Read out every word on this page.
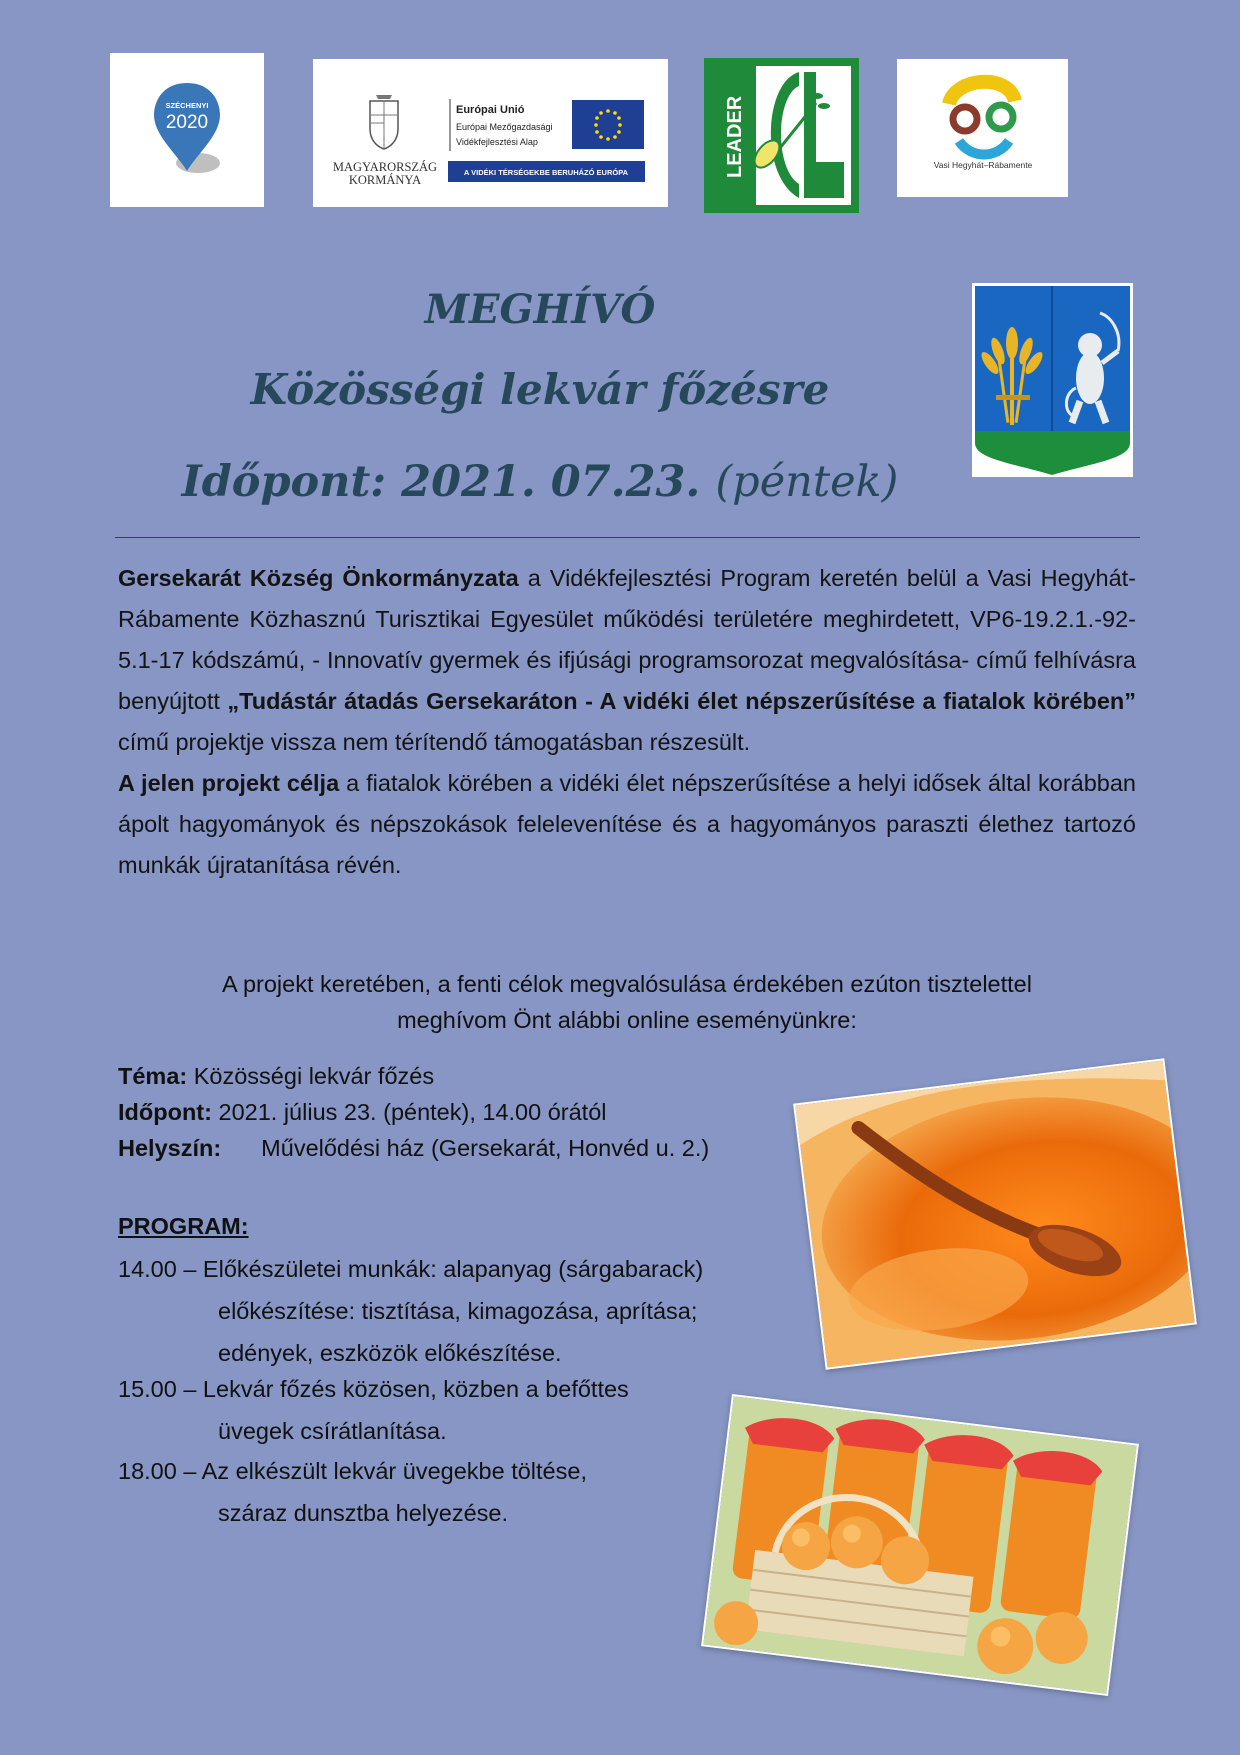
SZÉCHENYI
2020
MAGYARORSZÁG
KORMÁNYA
Európai Unió
Európai Mezőgazdasági
Vidékfejlesztési Alap
A VIDÉKI TÉRSÉGEKBE BERUHÁZÓ EURÓPA	LEADER	Vasi Hegyhát–Rábamente
MEGHÍVÓ
Közösségi lekvár főzésre
Időpont: 2021. 07.23. (péntek)

Gersekarát Község Önkormányzata a Vidékfejlesztési Program keretén belül a Vasi Hegyhát-Rábamente Közhasznú Turisztikai Egyesület működési területére meghirdetett, VP6-19.2.1.-92-5.1-17 kódszámú, - Innovatív gyermek és ifjúsági programsorozat megvalósítása- című felhívásra benyújtott „Tudástár átadás Gersekaráton - A vidéki élet népszerűsítése a fiatalok körében” című projektje vissza nem térítendő támogatásban részesült.

A jelen projekt célja a fiatalok körében a vidéki élet népszerűsítése a helyi idősek által korábban ápolt hagyományok és népszokások felelevenítése és a hagyományos paraszti élethez tartozó munkák újratanítása révén.

A projekt keretében, a fenti célok megvalósulása érdekében ezúton tisztelettel
meghívom Önt alábbi online eseményünkre:
Téma: Közösségi lekvár főzés
Időpont: 2021. július 23. (péntek), 14.00 órától
Helyszín: Művelődési ház (Gersekarát, Honvéd u. 2.)
PROGRAM:
14.00 – Előkészületei munkák: alapanyag (sárgabarack)
előkészítése: tisztítása, kimagozása, aprítása;
edények, eszközök előkészítése.
15.00 – Lekvár főzés közösen, közben a befőttes
üvegek csírátlanítása.
18.00 – Az elkészült lekvár üvegekbe töltése,
száraz dunsztba helyezése.
